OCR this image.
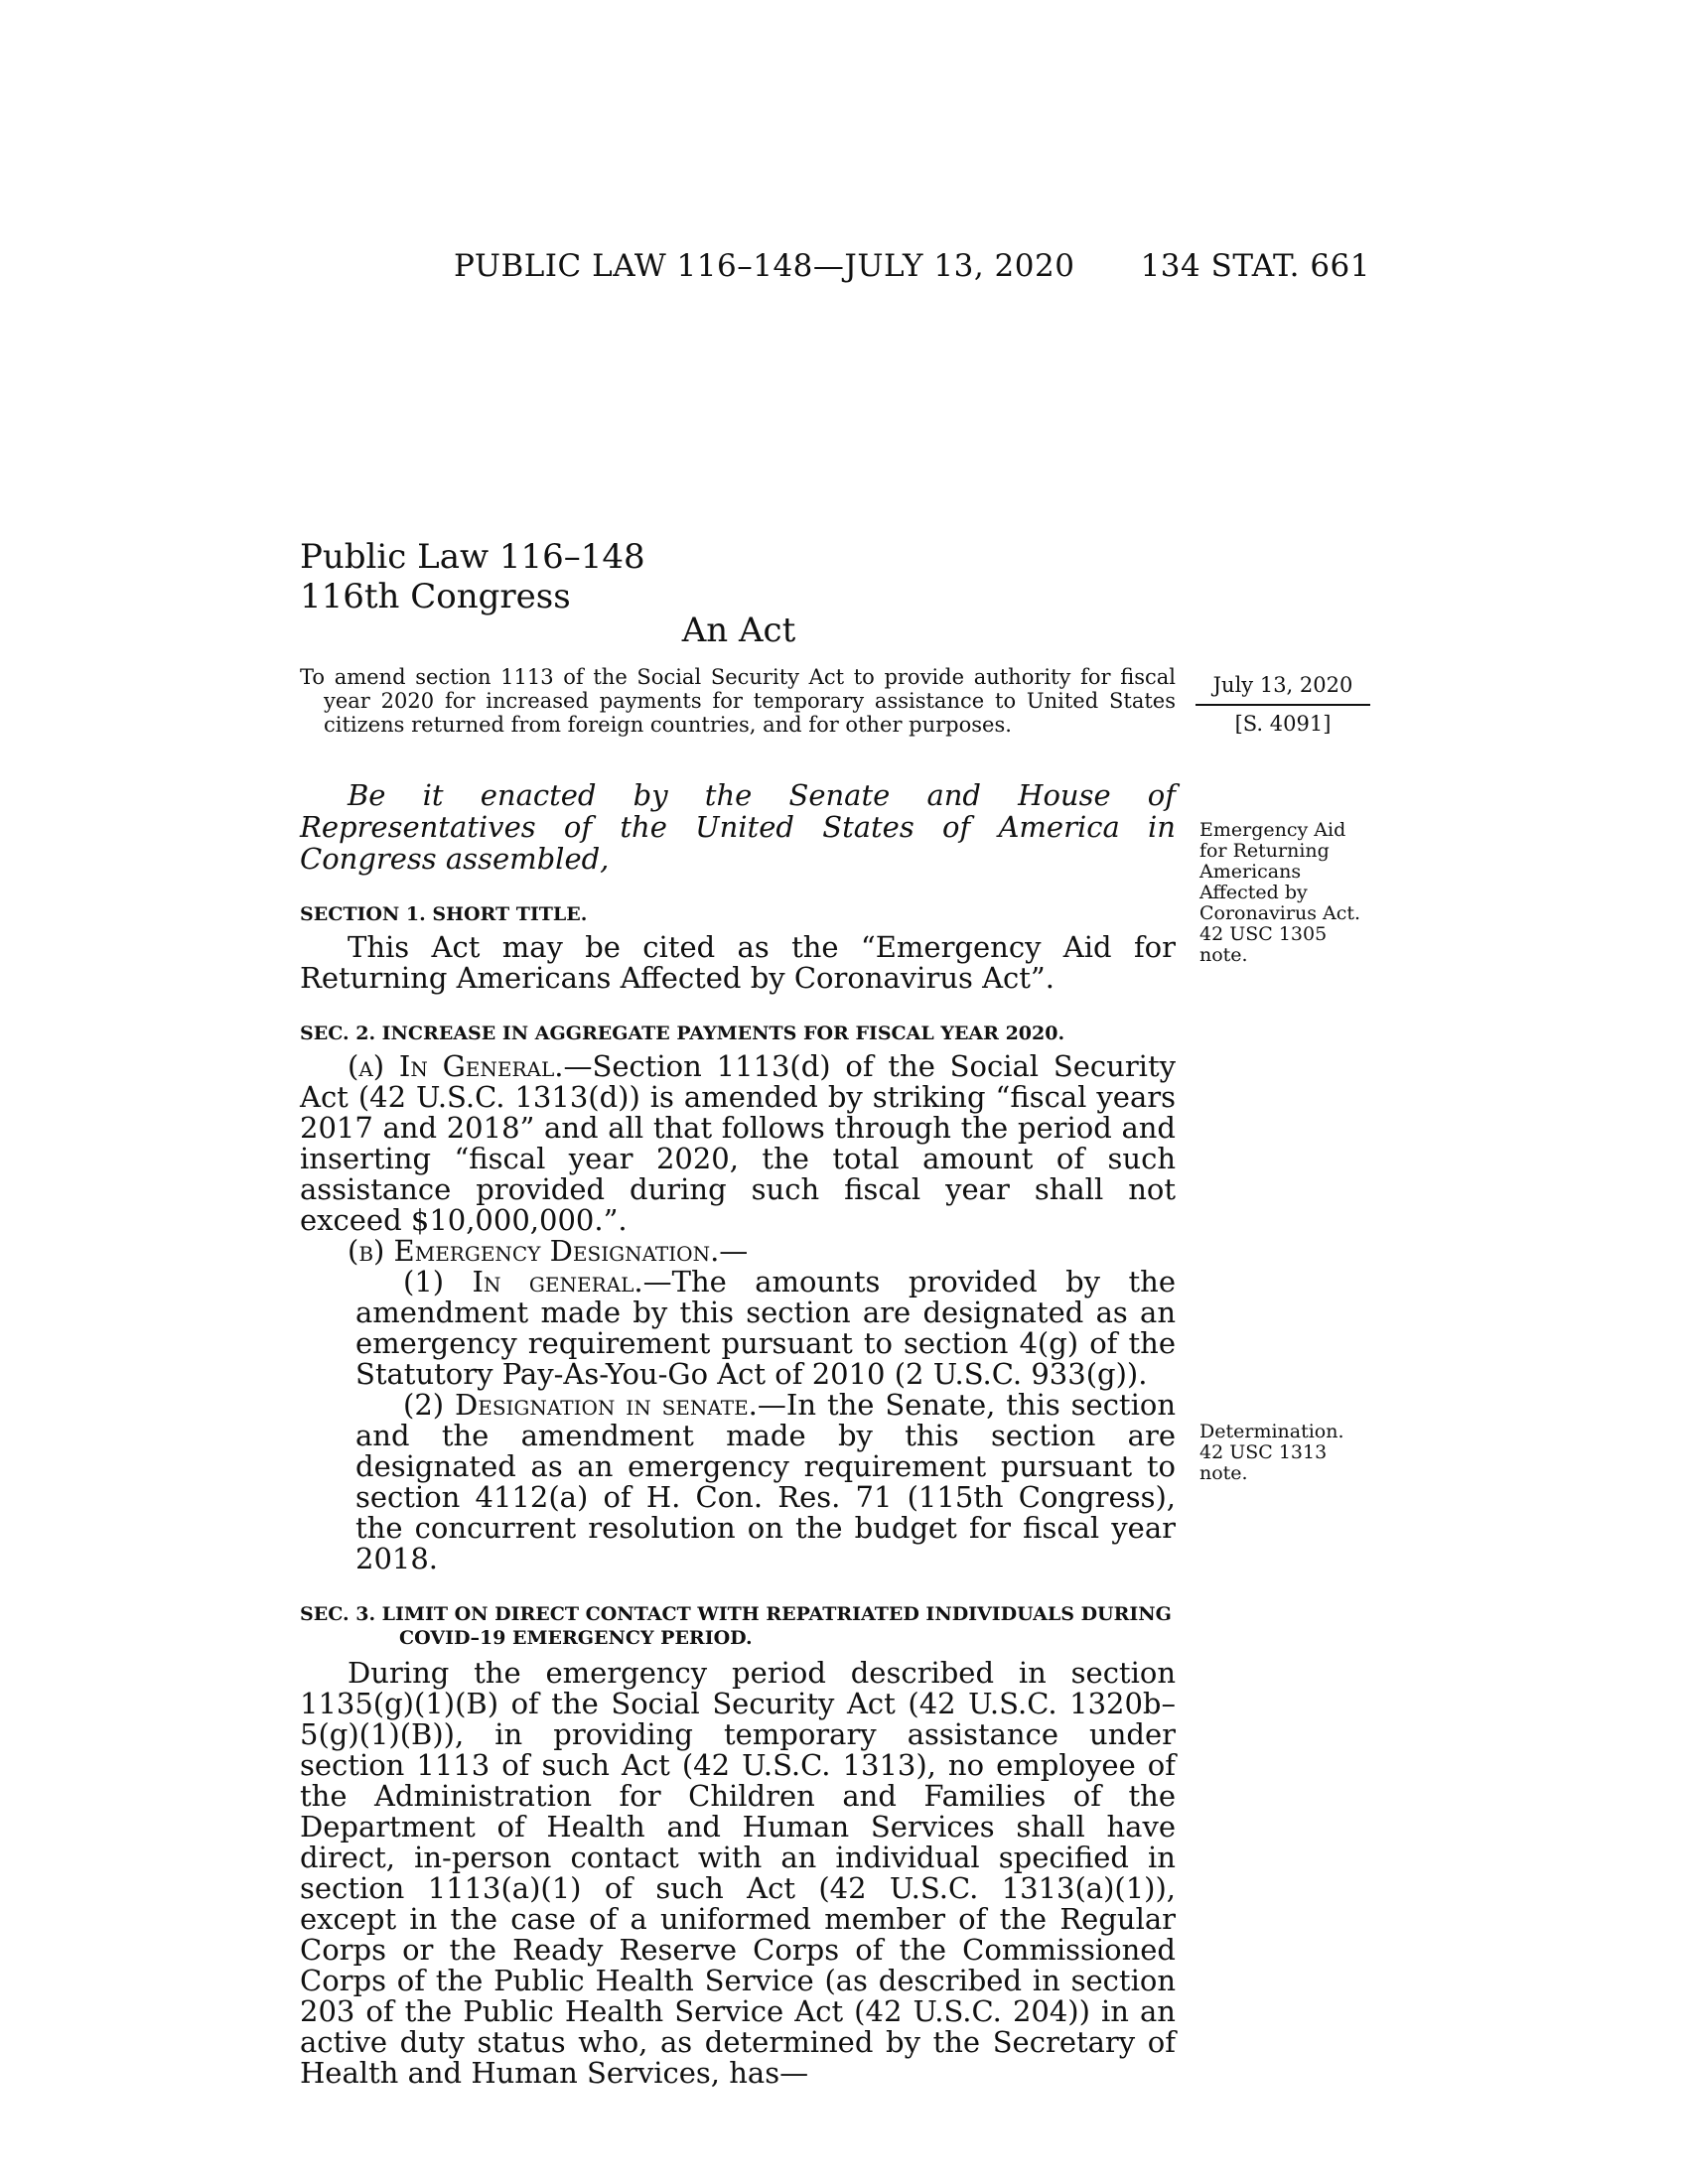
PUBLIC LAW 116–148—JULY 13, 2020 134 STAT. 661
Public Law 116–148
116th Congress
An Act
July 13, 2020
[S. 4091]
Emergency Aid
for Returning
Americans
Affected by
Coronavirus Act.
42 USC 1305
note.
Determination.
42 USC 1313
note.

To amend section 1113 of the Social Security Act to provide authority for fiscal year 2020 for increased payments for temporary assistance to United States citizens returned from foreign countries, and for other purposes.

Be it enacted by the Senate and House of Representatives of the United States of America in Congress assembled,

SECTION 1. SHORT TITLE.

This Act may be cited as the “Emergency Aid for Returning Americans Affected by Coronavirus Act”.

SEC. 2. INCREASE IN AGGREGATE PAYMENTS FOR FISCAL YEAR 2020.

(a) In General.—Section 1113(d) of the Social Security Act (42 U.S.C. 1313(d)) is amended by striking “fiscal years 2017 and 2018” and all that follows through the period and inserting “fiscal year 2020, the total amount of such assistance provided during such fiscal year shall not exceed $10,000,000.”.

(b) Emergency Designation.—

(1) In general.—The amounts provided by the amendment made by this section are designated as an emergency requirement pursuant to section 4(g) of the Statutory Pay-As-You-Go Act of 2010 (2 U.S.C. 933(g)).

(2) Designation in senate.—In the Senate, this section and the amendment made by this section are designated as an emergency requirement pursuant to section 4112(a) of H. Con. Res. 71 (115th Congress), the concurrent resolution on the budget for fiscal year 2018.

SEC. 3. LIMIT ON DIRECT CONTACT WITH REPATRIATED INDIVIDUALS DURING COVID–19 EMERGENCY PERIOD.

During the emergency period described in section 1135(g)(1)(B) of the Social Security Act (42 U.S.C. 1320b–5(g)(1)(B)), in providing temporary assistance under section 1113 of such Act (42 U.S.C. 1313), no employee of the Administration for Children and Families of the Department of Health and Human Services shall have direct, in-person contact with an individual specified in section 1113(a)(1) of such Act (42 U.S.C. 1313(a)(1)), except in the case of a uniformed member of the Regular Corps or the Ready Reserve Corps of the Commissioned Corps of the Public Health Service (as described in section 203 of the Public Health Service Act (42 U.S.C. 204)) in an active duty status who, as determined by the Secretary of Health and Human Services, has—
